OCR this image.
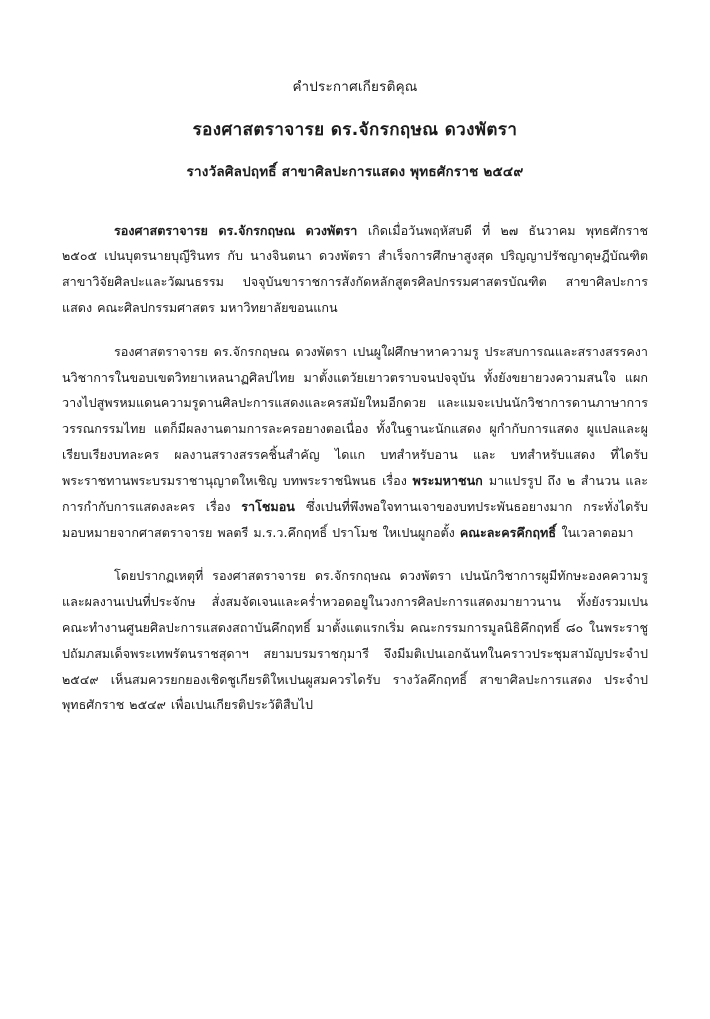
คำประกาศเกียรติคุณ
รองศาสตราจารย ดร.จักรกฤษณ ดวงพัตรา
รางวัลศิลปฤทธิ์ สาขาศิลปะการแสดง พุทธศักราช ๒๕๔๙

รองศาสตราจารย ดร.จักรกฤษณ ดวงพัตรา เกิดเมื่อวันพฤหัสบดี ที่ ๒๗ ธันวาคม พุทธศักราช ๒๕๐๕ เปนบุตรนายบุญีรินทร กับ นางจินตนา ดวงพัตรา สำเร็จการศึกษาสูงสุด ปริญญาปรัชญาดุษฎีบัณฑิต สาขาวิจัยศิลปะและวัฒนธรรม ปจจุบันขาราชการสังกัดหลักสูตรศิลปกรรมศาสตรบัณฑิต สาขาศิลปะการแสดง คณะศิลปกรรมศาสตร มหาวิทยาลัยขอนแกน

รองศาสตราจารย ดร.จักรกฤษณ ดวงพัตรา เปนผูใฝศึกษาหาความรู ประสบการณและสรางสรรคงานวิชาการในขอบเขตวิทยาเหลนาฏศิลปไทย มาตั้งแตวัยเยาวตราบจนปจจุบัน ทั้งยังขยายวงความสนใจ แผกวางไปสูพรหมแดนความรูดานศิลปะการแสดงและครสมัยใหมอีกดวย และแมจะเปนนักวิชาการดานภาษาการวรรณกรรมไทย แตก็มีผลงานตามการละครอยางตอเนื่อง ทั้งในฐานะนักแสดง ผูกำกับการแสดง ผูแปลและผูเรียบเรียงบทละคร ผลงานสรางสรรคชิ้นสำคัญ ไดแก บทสำหรับอาน และ บทสำหรับแสดง ที่ไดรับพระราชทานพระบรมราชานุญาตใหเชิญ บทพระราชนิพนธ เรื่อง พระมหาชนก มาแปรรูป ถึง ๒ สำนวน และการกำกับการแสดงละคร เรื่อง ราโชมอน ซึ่งเปนที่พึงพอใจทานเจาของบทประพันธอยางมาก กระทั่งไดรับมอบหมายจากศาสตราจารย พลตรี ม.ร.ว.คึกฤทธิ์ ปราโมช ใหเปนผูกอตั้ง คณะละครคึกฤทธิ์ ในเวลาตอมา

โดยปรากฏเหตุที่ รองศาสตราจารย ดร.จักรกฤษณ ดวงพัตรา เปนนักวิชาการผูมีทักษะองคความรู และผลงานเปนที่ประจักษ สั่งสมจัดเจนและคร่ำหวอดอยูในวงการศิลปะการแสดงมายาวนาน ทั้งยังรวมเปนคณะทำงานศูนยศิลปะการแสดงสถาบันคึกฤทธิ์ มาตั้งแตแรกเริ่ม คณะกรรมการมูลนิธิคึกฤทธิ์ ๘๐ ในพระราชูปถัมภสมเด็จพระเทพรัตนราชสุดาฯ สยามบรมราชกุมารี จึงมีมติเปนเอกฉันทในคราวประชุมสามัญประจำป ๒๕๔๙ เห็นสมควรยกยองเชิดชูเกียรติใหเปนผูสมควรไดรับ รางวัลคึกฤทธิ์ สาขาศิลปะการแสดง ประจำปพุทธศักราช ๒๕๔๙ เพื่อเปนเกียรติประวัติสืบไป
